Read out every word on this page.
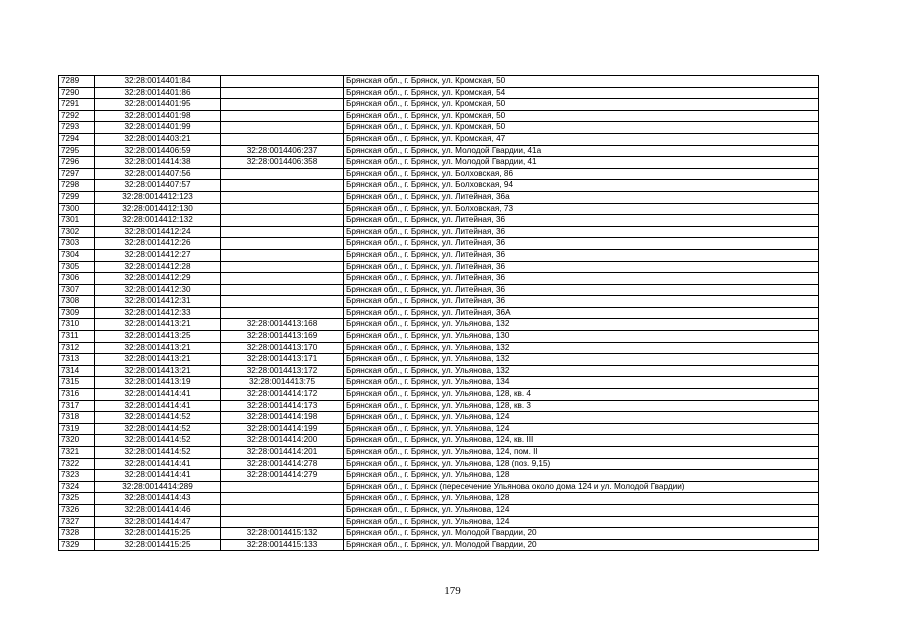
7289	32:28:0014401:84		Брянская обл., г. Брянск, ул. Кромская, 50
7290	32:28:0014401:86		Брянская обл., г. Брянск, ул. Кромская, 54
7291	32:28:0014401:95		Брянская обл., г. Брянск, ул. Кромская, 50
7292	32:28:0014401:98		Брянская обл., г. Брянск, ул. Кромская, 50
7293	32:28:0014401:99		Брянская обл., г. Брянск, ул. Кромская, 50
7294	32:28:0014403:21		Брянская обл., г. Брянск, ул. Кромская, 47
7295	32:28:0014406:59	32:28:0014406:237	Брянская обл., г. Брянск, ул. Молодой Гвардии, 41а
7296	32:28:0014414:38	32:28:0014406:358	Брянская обл., г. Брянск, ул. Молодой Гвардии, 41
7297	32:28:0014407:56		Брянская обл., г. Брянск, ул. Болховская, 86
7298	32:28:0014407:57		Брянская обл., г. Брянск, ул. Болховская, 94
7299	32:28:0014412:123		Брянская обл., г. Брянск, ул. Литейная, 36а
7300	32:28:0014412:130		Брянская обл., г. Брянск, ул. Болховская, 73
7301	32:28:0014412:132		Брянская обл., г. Брянск, ул. Литейная, 36
7302	32:28:0014412:24		Брянская обл., г. Брянск, ул. Литейная, 36
7303	32:28:0014412:26		Брянская обл., г. Брянск, ул. Литейная, 36
7304	32:28:0014412:27		Брянская обл., г. Брянск, ул. Литейная, 36
7305	32:28:0014412:28		Брянская обл., г. Брянск, ул. Литейная, 36
7306	32:28:0014412:29		Брянская обл., г. Брянск, ул. Литейная, 36
7307	32:28:0014412:30		Брянская обл., г. Брянск, ул. Литейная, 36
7308	32:28:0014412:31		Брянская обл., г. Брянск, ул. Литейная, 36
7309	32:28:0014412:33		Брянская обл., г. Брянск, ул. Литейная, 36А
7310	32:28:0014413:21	32:28:0014413:168	Брянская обл., г. Брянск, ул. Ульянова, 132
7311	32:28:0014413:25	32:28:0014413:169	Брянская обл., г. Брянск, ул. Ульянова, 130
7312	32:28:0014413:21	32:28:0014413:170	Брянская обл., г. Брянск, ул. Ульянова, 132
7313	32:28:0014413:21	32:28:0014413:171	Брянская обл., г. Брянск, ул. Ульянова, 132
7314	32:28:0014413:21	32:28:0014413:172	Брянская обл., г. Брянск, ул. Ульянова, 132
7315	32:28:0014413:19	32:28:0014413:75	Брянская обл., г. Брянск, ул. Ульянова, 134
7316	32:28:0014414:41	32:28:0014414:172	Брянская обл., г. Брянск, ул. Ульянова, 128, кв. 4
7317	32:28:0014414:41	32:28:0014414:173	Брянская обл., г. Брянск, ул. Ульянова, 128, кв. 3
7318	32:28:0014414:52	32:28:0014414:198	Брянская обл., г. Брянск, ул. Ульянова, 124
7319	32:28:0014414:52	32:28:0014414:199	Брянская обл., г. Брянск, ул. Ульянова, 124
7320	32:28:0014414:52	32:28:0014414:200	Брянская обл., г. Брянск, ул. Ульянова, 124, кв. III
7321	32:28:0014414:52	32:28:0014414:201	Брянская обл., г. Брянск, ул. Ульянова, 124, пом. II
7322	32:28:0014414:41	32:28:0014414:278	Брянская обл., г. Брянск, ул. Ульянова, 128 (поз. 9,15)
7323	32:28:0014414:41	32:28:0014414:279	Брянская обл., г. Брянск, ул. Ульянова, 128
7324	32:28:0014414:289		Брянская обл., г. Брянск (пересечение Ульянова около дома 124 и ул. Молодой Гвардии)
7325	32:28:0014414:43		Брянская обл., г. Брянск, ул. Ульянова, 128
7326	32:28:0014414:46		Брянская обл., г. Брянск, ул. Ульянова, 124
7327	32:28:0014414:47		Брянская обл., г. Брянск, ул. Ульянова, 124
7328	32:28:0014415:25	32:28:0014415:132	Брянская обл., г. Брянск, ул. Молодой Гвардии, 20
7329	32:28:0014415:25	32:28:0014415:133	Брянская обл., г. Брянск, ул. Молодой Гвардии, 20
179
